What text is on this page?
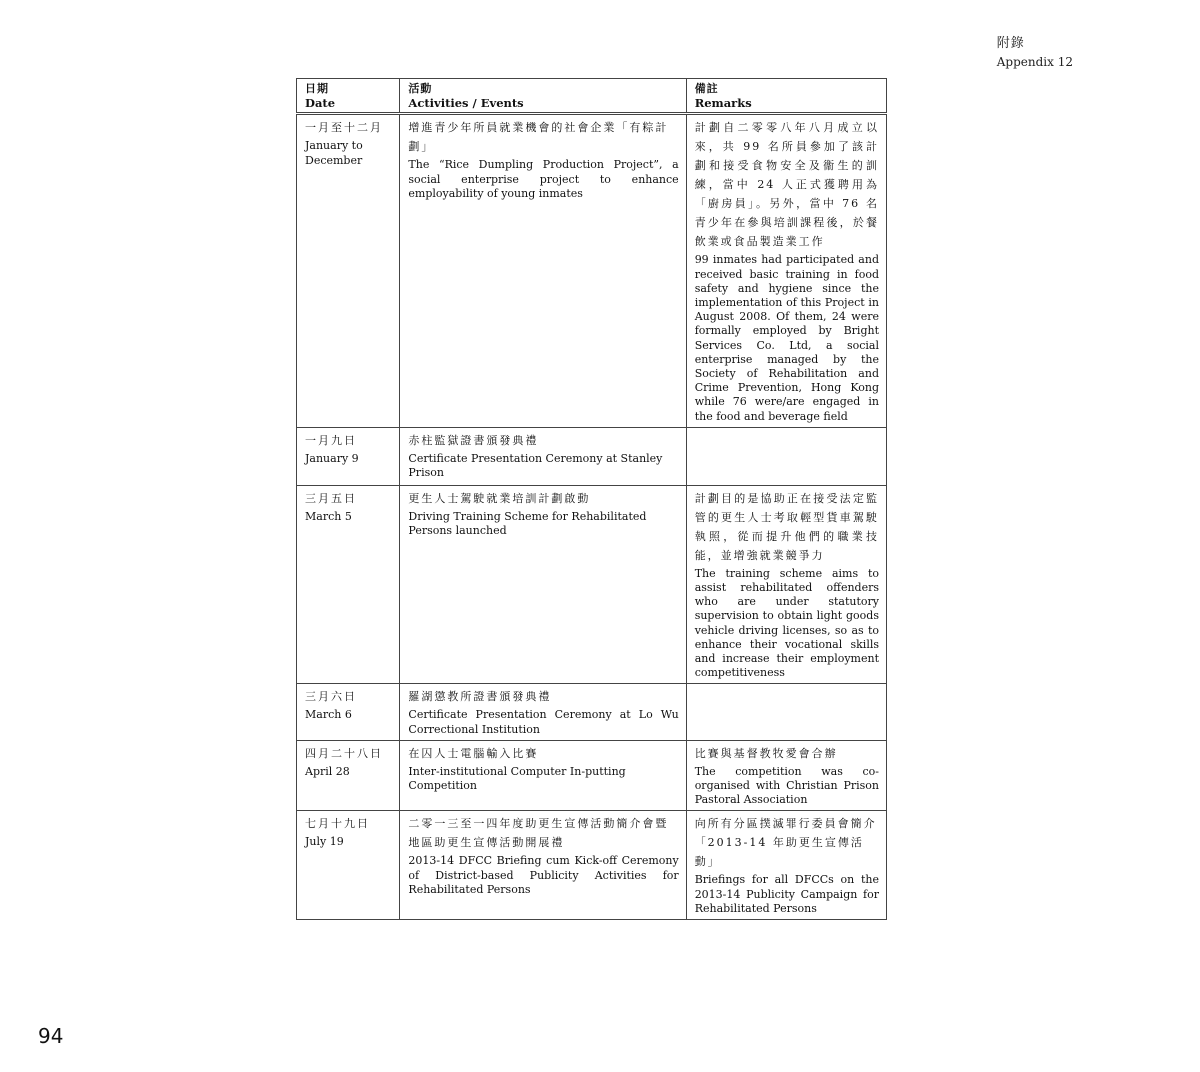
附錄
Appendix 12
日期
Date	活動
Activities / Events	備註
Remarks

一月至十二月
January to December	增進青少年所員就業機會的社會企業「有粽計劃」
The “Rice Dumpling Production Project”, a social enterprise project to enhance employability of young inmates	計劃自二零零八年八月成立以來，共 99 名所員參加了該計劃和接受食物安全及衞生的訓練，當中 24 人正式獲聘用為「廚房員」。另外，當中 76 名青少年在參與培訓課程後，於餐飲業或食品製造業工作
99 inmates had participated and received basic training in food safety and hygiene since the implementation of this Project in August 2008. Of them, 24 were formally employed by Bright Services Co. Ltd, a social enterprise managed by the Society of Rehabilitation and Crime Prevention, Hong Kong while 76 were/are engaged in the food and beverage field

一月九日
January 9	赤柱監獄證書頒發典禮
Certificate Presentation Ceremony at Stanley Prison	

三月五日
March 5	更生人士駕駛就業培訓計劃啟動
Driving Training Scheme for Rehabilitated Persons launched	計劃目的是協助正在接受法定監管的更生人士考取輕型貨車駕駛執照，從而提升他們的職業技能，並增強就業競爭力
The training scheme aims to assist rehabilitated offenders who are under statutory supervision to obtain light goods vehicle driving licenses, so as to enhance their vocational skills and increase their employment competitiveness

三月六日
March 6	羅湖懲教所證書頒發典禮
Certificate Presentation Ceremony at Lo Wu Correctional Institution	

四月二十八日
April 28	在囚人士電腦輸入比賽
Inter-institutional Computer In-putting Competition	比賽與基督教牧愛會合辦
The competition was co-organised with Christian Prison Pastoral Association

七月十九日
July 19	二零一三至一四年度助更生宣傳活動簡介會暨地區助更生宣傳活動開展禮
2013-14 DFCC Briefing cum Kick-off Ceremony of District-based Publicity Activities for Rehabilitated Persons	向所有分區撲滅罪行委員會簡介「2013-14 年助更生宣傳活動」
Briefings for all DFCCs on the 2013-14 Publicity Campaign for Rehabilitated Persons
94
